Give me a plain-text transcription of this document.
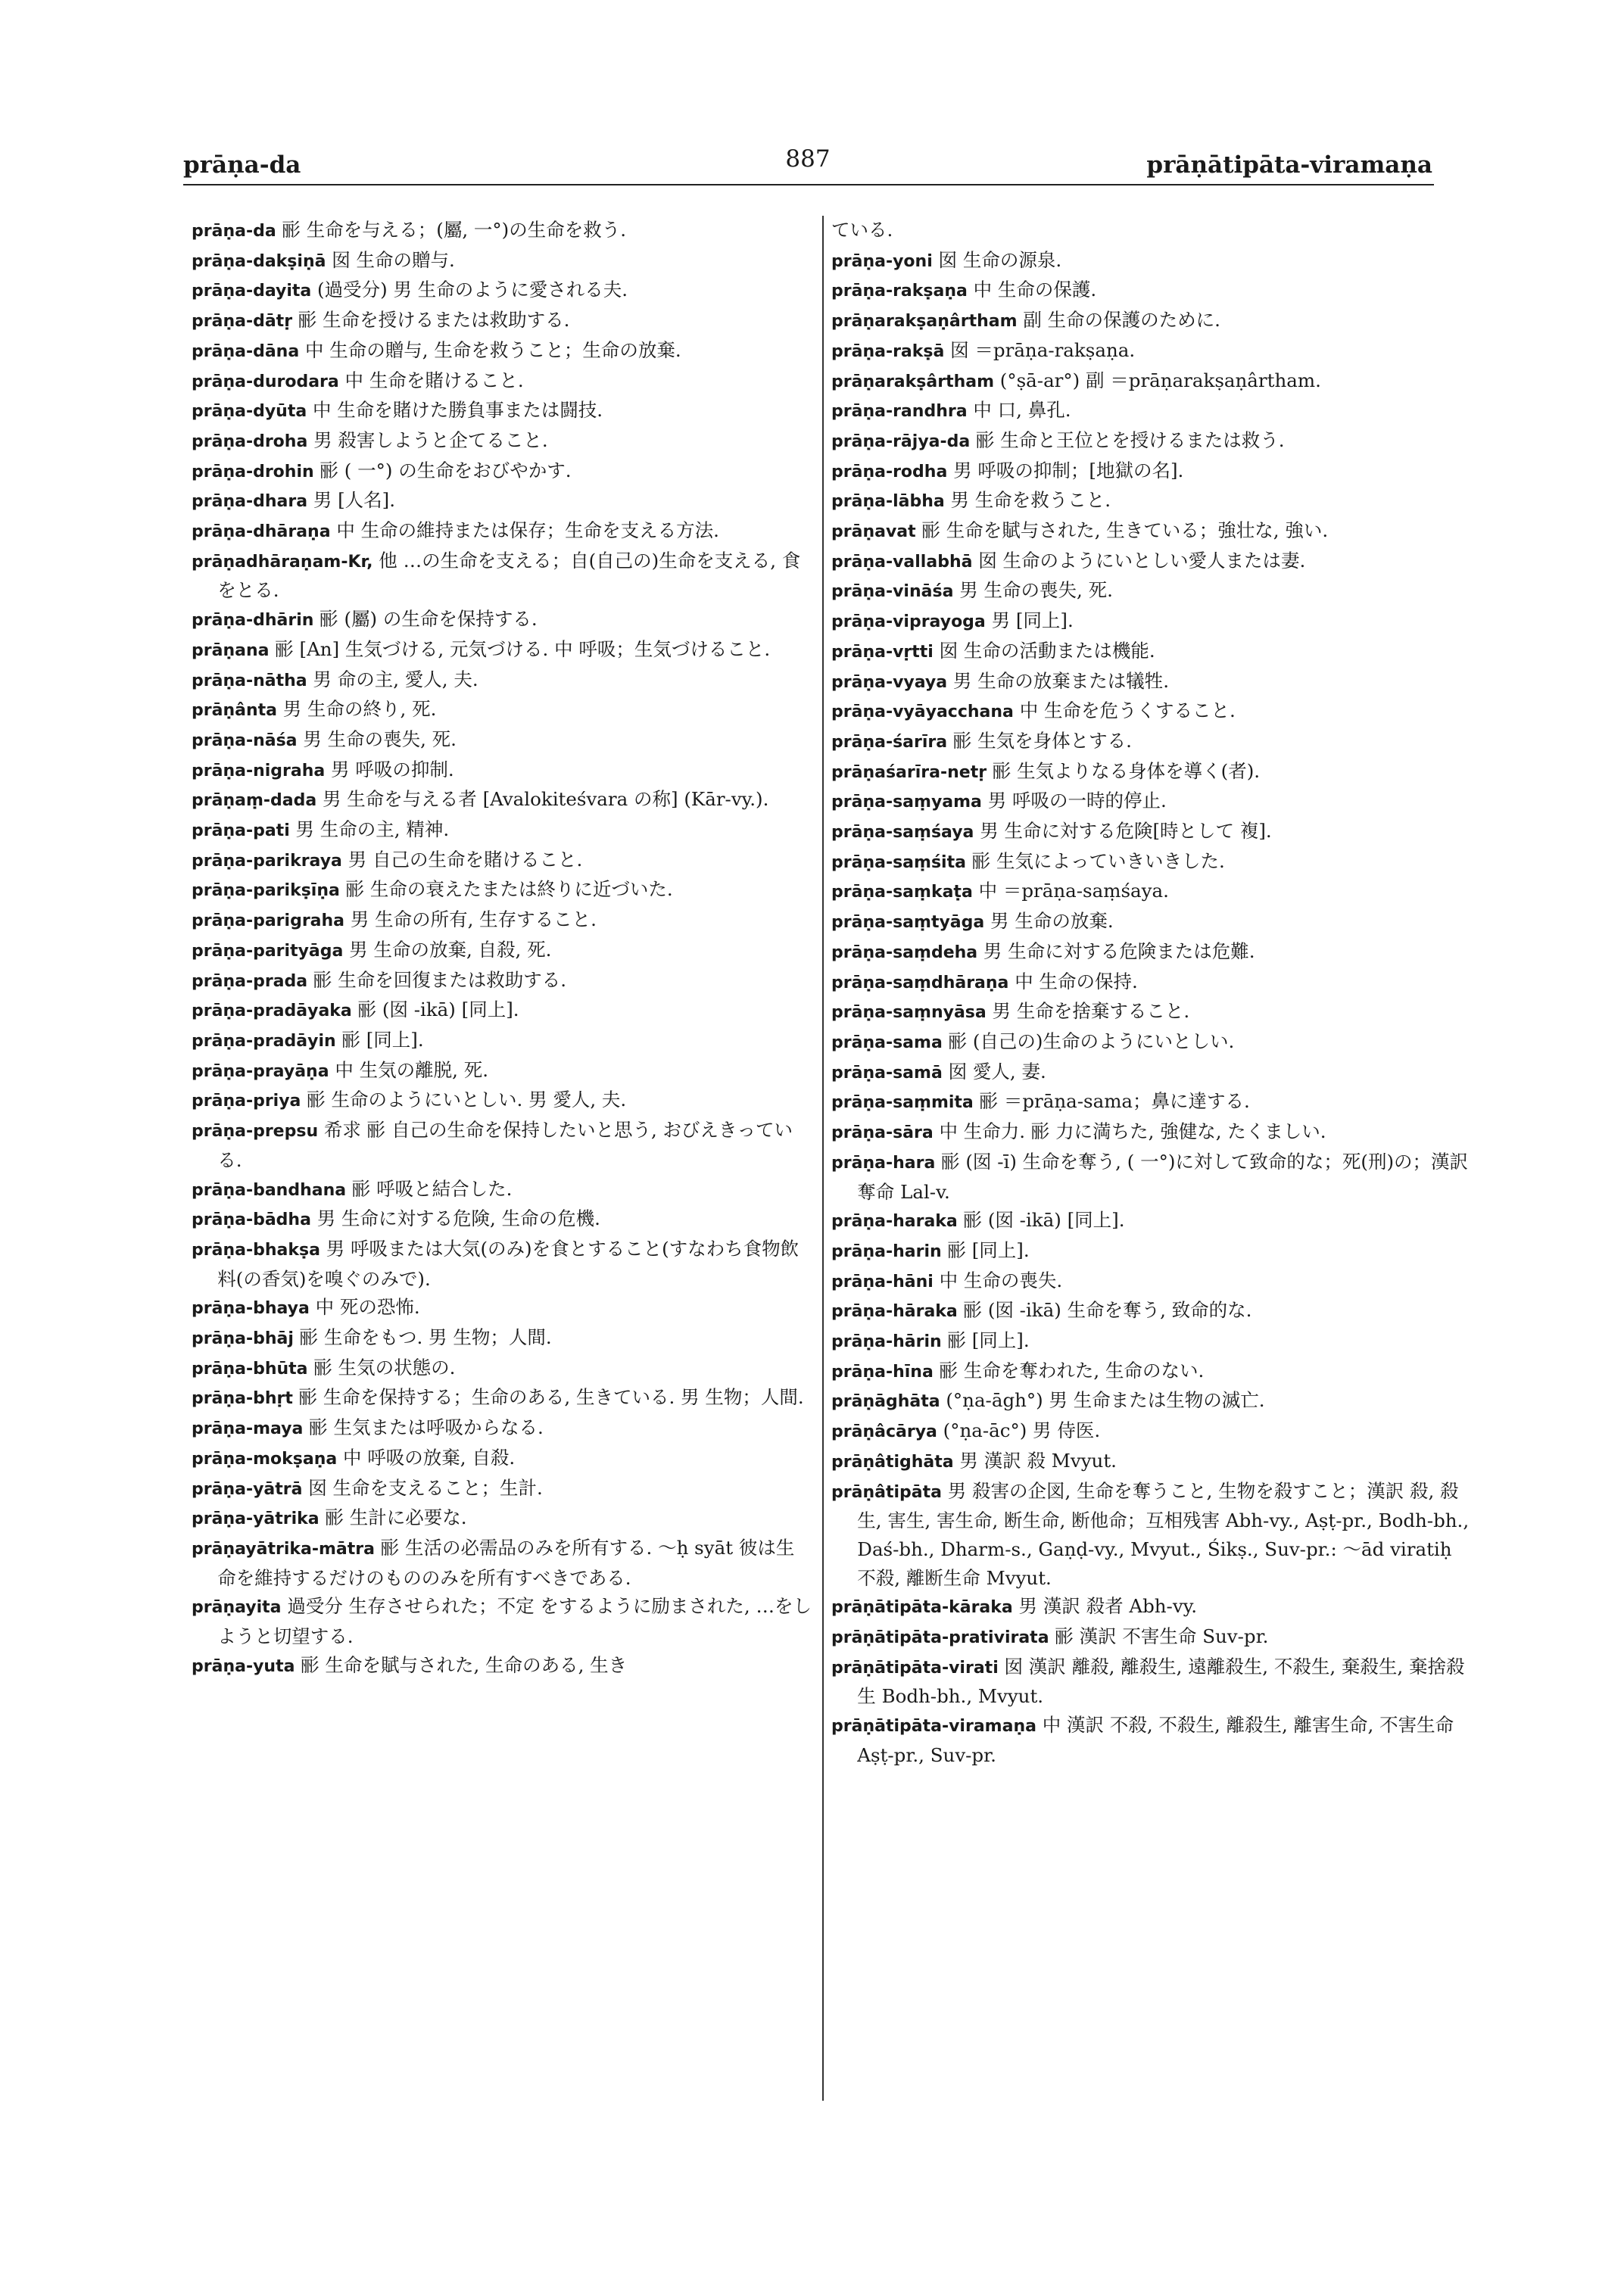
prāṇa-da	887	prāṇātipāta-viramaṇa
prāṇa-da 彨 生命を与える；(屬, 一°)の生命を救う.
prāṇa-dakṣiṇā 囡 生命の贈与.
prāṇa-dayita (過受分) 男 生命のように愛される夫.
prāṇa-dātṛ 彨 生命を授けるまたは救助する.
prāṇa-dāna 中 生命の贈与, 生命を救うこと；生命の放棄.
prāṇa-durodara 中 生命を賭けること.
prāṇa-dyūta 中 生命を賭けた勝負事または闘技.
prāṇa-droha 男 殺害しようと企てること.
prāṇa-drohin 彨 ( 一°) の生命をおびやかす.
prāṇa-dhara 男 [人名].
prāṇa-dhāraṇa 中 生命の維持または保存；生命を支える方法.
prāṇadhāraṇam-Kr, 他 …の生命を支える；自(自己の)生命を支える, 食をとる.
prāṇa-dhārin 彨 (屬) の生命を保持する.
prāṇana 彨 [An] 生気づける, 元気づける. 中 呼吸；生気づけること.
prāṇa-nātha 男 命の主, 愛人, 夫.
prāṇânta 男 生命の終り, 死.
prāṇa-nāśa 男 生命の喪失, 死.
prāṇa-nigraha 男 呼吸の抑制.
prāṇaṃ-dada 男 生命を与える者 [Avalokiteśvara の称] (Kār-vy.).
prāṇa-pati 男 生命の主, 精神.
prāṇa-parikraya 男 自己の生命を賭けること.
prāṇa-parikṣīṇa 彨 生命の衰えたまたは終りに近づいた.
prāṇa-parigraha 男 生命の所有, 生存すること.
prāṇa-parityāga 男 生命の放棄, 自殺, 死.
prāṇa-prada 彨 生命を回復または救助する.
prāṇa-pradāyaka 彨 (囡 -ikā) [同上].
prāṇa-pradāyin 彨 [同上].
prāṇa-prayāṇa 中 生気の離脱, 死.
prāṇa-priya 彨 生命のようにいとしい. 男 愛人, 夫.
prāṇa-prepsu 希求 彨 自己の生命を保持したいと思う, おびえきっている.
prāṇa-bandhana 彨 呼吸と結合した.
prāṇa-bādha 男 生命に対する危険, 生命の危機.
prāṇa-bhakṣa 男 呼吸または大気(のみ)を食とすること(すなわち食物飲料(の香気)を嗅ぐのみで).
prāṇa-bhaya 中 死の恐怖.
prāṇa-bhāj 彨 生命をもつ. 男 生物；人間.
prāṇa-bhūta 彨 生気の状態の.
prāṇa-bhṛt 彨 生命を保持する；生命のある, 生きている. 男 生物；人間.
prāṇa-maya 彨 生気または呼吸からなる.
prāṇa-mokṣaṇa 中 呼吸の放棄, 自殺.
prāṇa-yātrā 囡 生命を支えること；生計.
prāṇa-yātrika 彨 生計に必要な.
prāṇayātrika-mātra 彨 生活の必需品のみを所有する. ～ḥ syāt 彼は生命を維持するだけのもののみを所有すべきである.
prāṇayita 過受分 生存させられた；不定 をするように励まされた, …をしようと切望する.
prāṇa-yuta 彨 生命を賦与された, 生命のある, 生き
ている.
prāṇa-yoni 囡 生命の源泉.
prāṇa-rakṣaṇa 中 生命の保護.
prāṇarakṣaṇârtham 副 生命の保護のために.
prāṇa-rakṣā 囡 ＝prāṇa-rakṣaṇa.
prāṇarakṣârtham (°ṣā-ar°) 副 ＝prāṇarakṣaṇârtham.
prāṇa-randhra 中 口, 鼻孔.
prāṇa-rājya-da 彨 生命と王位とを授けるまたは救う.
prāṇa-rodha 男 呼吸の抑制；[地獄の名].
prāṇa-lābha 男 生命を救うこと.
prāṇavat 彨 生命を賦与された, 生きている；強壮な, 強い.
prāṇa-vallabhā 囡 生命のようにいとしい愛人または妻.
prāṇa-vināśa 男 生命の喪失, 死.
prāṇa-viprayoga 男 [同上].
prāṇa-vṛtti 囡 生命の活動または機能.
prāṇa-vyaya 男 生命の放棄または犠牲.
prāṇa-vyāyacchana 中 生命を危うくすること.
prāṇa-śarīra 彨 生気を身体とする.
prāṇaśarīra-netṛ 彨 生気よりなる身体を導く(者).
prāṇa-saṃyama 男 呼吸の一時的停止.
prāṇa-saṃśaya 男 生命に対する危険[時として 複].
prāṇa-saṃśita 彨 生気によっていきいきした.
prāṇa-saṃkaṭa 中 ＝prāṇa-saṃśaya.
prāṇa-saṃtyāga 男 生命の放棄.
prāṇa-saṃdeha 男 生命に対する危険または危難.
prāṇa-saṃdhāraṇa 中 生命の保持.
prāṇa-saṃnyāsa 男 生命を捨棄すること.
prāṇa-sama 彨 (自己の)生命のようにいとしい.
prāṇa-samā 囡 愛人, 妻.
prāṇa-saṃmita 彨 ＝prāṇa-sama；鼻に達する.
prāṇa-sāra 中 生命力. 彨 力に満ちた, 強健な, たくましい.
prāṇa-hara 彨 (囡 -ī) 生命を奪う, ( 一°)に対して致命的な；死(刑)の；漢訳 奪命 Lal-v.
prāṇa-haraka 彨 (囡 -ikā) [同上].
prāṇa-harin 彨 [同上].
prāṇa-hāni 中 生命の喪失.
prāṇa-hāraka 彨 (囡 -ikā) 生命を奪う, 致命的な.
prāṇa-hārin 彨 [同上].
prāṇa-hīna 彨 生命を奪われた, 生命のない.
prāṇāghāta (°ṇa-āgh°) 男 生命または生物の滅亡.
prāṇâcārya (°ṇa-āc°) 男 侍医.
prāṇâtighāta 男 漢訳 殺 Mvyut.
prāṇâtipāta 男 殺害の企図, 生命を奪うこと, 生物を殺すこと；漢訳 殺, 殺生, 害生, 害生命, 断生命, 断他命；互相残害 Abh-vy., Aṣṭ-pr., Bodh-bh., Daś-bh., Dharm-s., Gaṇḍ-vy., Mvyut., Śikṣ., Suv-pr.: ～ād viratiḥ 不殺, 離断生命 Mvyut.
prāṇātipāta-kāraka 男 漢訳 殺者 Abh-vy.
prāṇātipāta-prativirata 彨 漢訳 不害生命 Suv-pr.
prāṇātipāta-virati 囡 漢訳 離殺, 離殺生, 遠離殺生, 不殺生, 棄殺生, 棄捨殺生 Bodh-bh., Mvyut.
prāṇātipāta-viramaṇa 中 漢訳 不殺, 不殺生, 離殺生, 離害生命, 不害生命 Aṣṭ-pr., Suv-pr.
